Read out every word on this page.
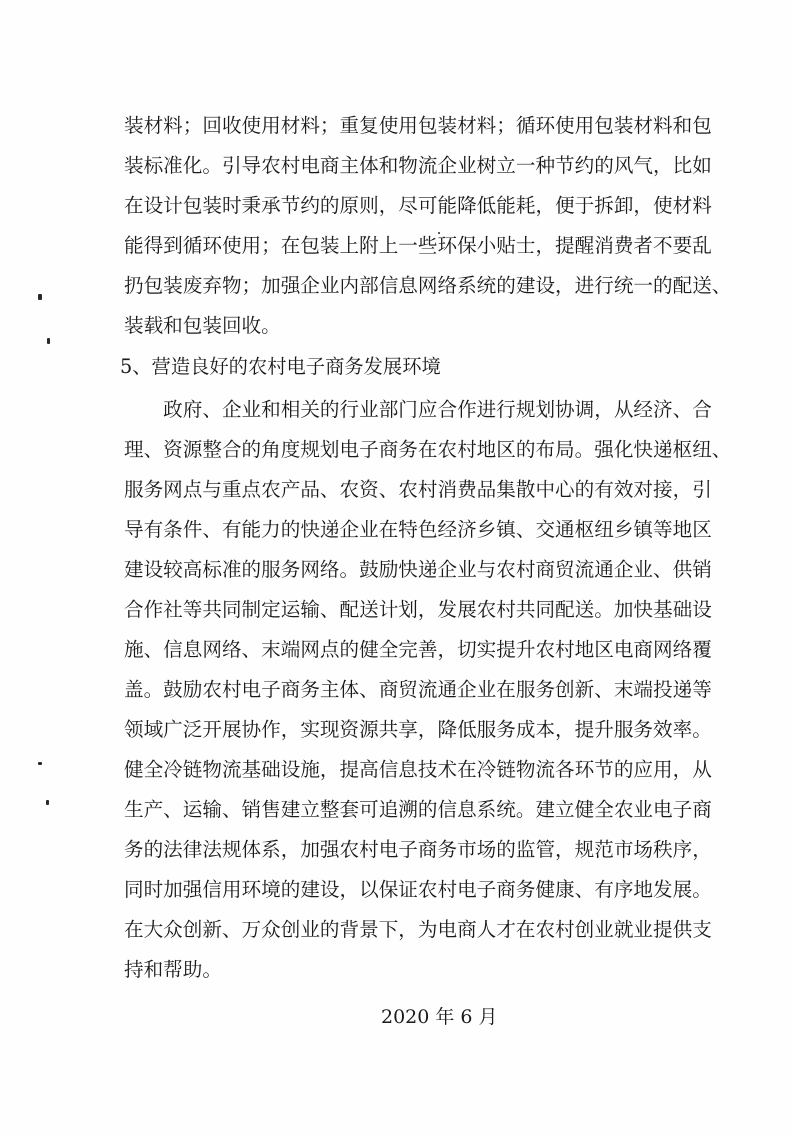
装材料；回收使用材料；重复使用包装材料；循环使用包装材料和包
装标准化。引导农村电商主体和物流企业树立一种节约的风气，比如
在设计包装时秉承节约的原则，尽可能降低能耗，便于拆卸，使材料
能得到循环使用；在包装上附上一些环保小贴士，提醒消费者不要乱
扔包装废弃物；加强企业内部信息网络系统的建设，进行统一的配送、
装载和包装回收。
5、营造良好的农村电子商务发展环境
　　政府、企业和相关的行业部门应合作进行规划协调，从经济、合
理、资源整合的角度规划电子商务在农村地区的布局。强化快递枢纽、
服务网点与重点农产品、农资、农村消费品集散中心的有效对接，引
导有条件、有能力的快递企业在特色经济乡镇、交通枢纽乡镇等地区
建设较高标准的服务网络。鼓励快递企业与农村商贸流通企业、供销
合作社等共同制定运输、配送计划，发展农村共同配送。加快基础设
施、信息网络、末端网点的健全完善，切实提升农村地区电商网络覆
盖。鼓励农村电子商务主体、商贸流通企业在服务创新、末端投递等
领域广泛开展协作，实现资源共享，降低服务成本，提升服务效率。
健全冷链物流基础设施，提高信息技术在冷链物流各环节的应用，从
生产、运输、销售建立整套可追溯的信息系统。建立健全农业电子商
务的法律法规体系，加强农村电子商务市场的监管，规范市场秩序，
同时加强信用环境的建设，以保证农村电子商务健康、有序地发展。
在大众创新、万众创业的背景下，为电商人才在农村创业就业提供支
持和帮助。
2020 年 6 月
